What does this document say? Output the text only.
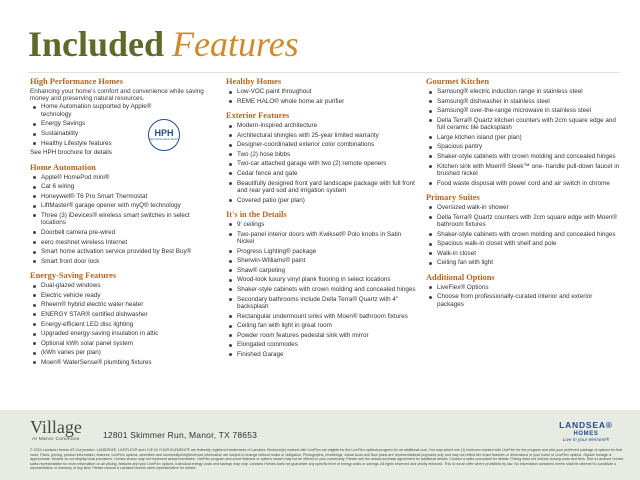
Included Features
High Performance Homes
Enhancing your home's comfort and convenience while saving money and preserving natural resources.
Home Automation supported by Apple® technology
Energy Savings
Sustainability
Healthy Lifestyle features
HPH
High Performance Homes
See HPH brochure for details
Home Automation
Apple® HomePod mini®
Cat 6 wiring
Honeywell® T6 Pro Smart Thermostat
LiftMaster® garage opener with myQ® technology
Three (3) iDevices® wireless smart switches in select locations
Doorbell camera pre-wired
eero meshnet wireless Internet
Smart home activation service provided by Best Buy®
Smart front door lock
Energy-Saving Features
Dual-glazed windows
Electric vehicle ready
Rheem® hybrid electric water heater
ENERGY STAR® certified dishwasher
Energy-efficient LED disc lighting
Upgraded energy-saving insulation in attic
Optional kWh solar panel system
(kWh varies per plan)
Moen® WaterSense® plumbing fixtures
Healthy Homes
Low-VOC paint throughout
REME HALO® whole home air purifier
Exterior Features
Modern-inspired architecture
Architectural shingles with 25-year limited warranty
Designer-coordinated exterior color combinations
Two (2) hose bibbs
Two-car attached garage with two (2) remote openers
Cedar fence and gate
Beautifully designed front yard landscape package with full front and rear yard sod and irrigation system
Covered patio (per plan)
It's in the Details
9' ceilings
Two-panel interior doors with Kwikset® Polo knobs in Satin Nickel
Progress Lighting® package
Sherwin-Williams® paint
Shaw® carpeting
Wood-look luxury vinyl plank flooring in select locations
Shaker-style cabinets with crown molding and concealed hinges
Secondary bathrooms include Della Terra® Quartz with 4" backsplash
Rectangular undermount sinks with Moen® bathroom fixtures
Ceiling fan with light in great room
Powder room features pedestal sink with mirror
Elongated commodes
Finished Garage
Gourmet Kitchen
Samsung® electric induction range in stainless steel
Samsung® dishwasher in stainless steel
Samsung® over-the-range microwave in stainless steel
Della Terra® Quartz kitchen counters with 2cm square edge and full ceramic tile backsplash
Large kitchen island (per plan)
Spacious pantry
Shaker-style cabinets with crown molding and concealed hinges
Kitchen sink with Moen® Sleek™ one- handle pull-down faucet in brushed nickel
Food waste disposal with power cord and air switch in chrome
Primary Suites
Oversized walk-in shower
Della Terra® Quartz counters with 2cm square edge with Moen® bathroom fixtures
Shaker-style cabinets with crown molding and concealed hinges
Spacious walk-in closet with shelf and pole
Walk-in closet
Ceiling fan with light
Additional Options
LiveFlex® Options
Choose from professionally-curated interior and exterior packages
Village
At Manor Commons	12801 Skimmer Run, Manor, TX 78653
LANDSEA®
HOMES
Live in your element®
© 2024 Landsea Homes US Corporation. LANDSEA®, LIVEFLEX® and LIVE IN YOUR ELEMENT® are federally registered trademarks of Landsea. Bedroom(s) marked with LiveFlex are eligible for the LiveFlex optional program for an additional cost. You may select one (1) bedroom marked with LiveFlex for the program and pick your preferred package of options for that room. Plans, pricing, product information, features, LiveFlex options, amenities and community/neighborhood information are subject to change without notice or obligation. Photographs, renderings, virtual tours and floor plans are representational purposes only and may not reflect the exact features or dimensions of your home or LiveFlex options. Square footage is approximate. Models do not display local provisions. Homes shown may not represent actual homesites. LiveFlex program and some features or options shown may not be offered in your community. Please see the actual purchase agreement for additional details. Contact a sales consultant for details. Pricing does not include closing costs and fees. See a Landsea Homes sales representative for more information on all pricing, features and your LiveFlex options. Individual energy costs and savings may vary. Landsea Homes does not guarantee any specific level of energy costs or savings. All rights reserved and strictly enforced. This is not an offer where prohibited by law. No information contained herein shall be deemed to constitute a representation or warranty of any kind. Please consult a Landsea Homes sales representative for details.
